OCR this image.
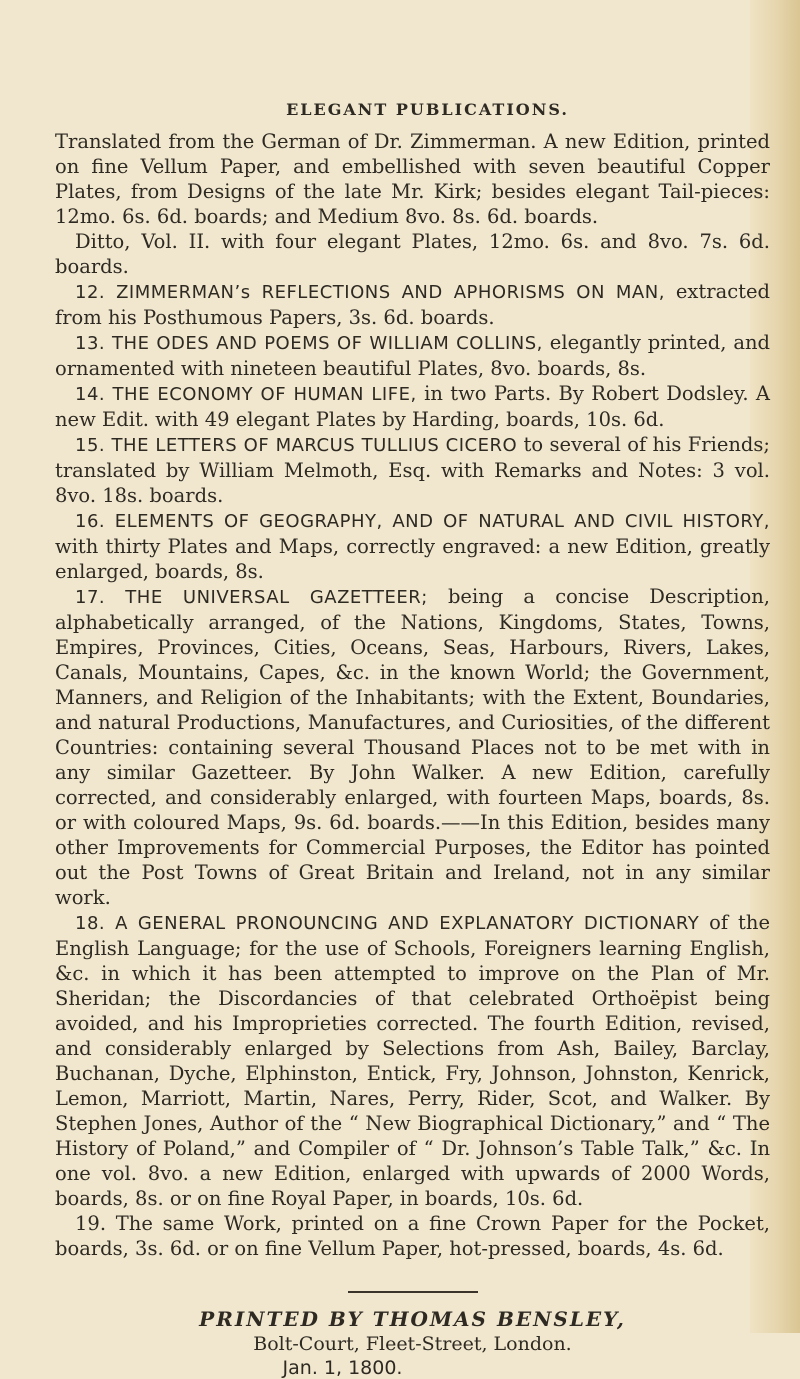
ELEGANT PUBLICATIONS.

Translated from the German of Dr. Zimmerman. A new Edition, printed on fine Vellum Paper, and embellished with seven beautiful Copper Plates, from Designs of the late Mr. Kirk; besides elegant Tail-pieces: 12mo. 6s. 6d. boards; and Medium 8vo. 8s. 6d. boards.

Ditto, Vol. II. with four elegant Plates, 12mo. 6s. and 8vo. 7s. 6d. boards.

12. ZIMMERMAN’s REFLECTIONS AND APHORISMS ON MAN, extracted from his Posthumous Papers, 3s. 6d. boards.

13. THE ODES AND POEMS OF WILLIAM COLLINS, elegantly printed, and ornamented with nineteen beautiful Plates, 8vo. boards, 8s.

14. THE ECONOMY OF HUMAN LIFE, in two Parts. By Robert Dodsley. A new Edit. with 49 elegant Plates by Harding, boards, 10s. 6d.

15. THE LETTERS OF MARCUS TULLIUS CICERO to several of his Friends; translated by William Melmoth, Esq. with Remarks and Notes: 3 vol. 8vo. 18s. boards.

16. ELEMENTS OF GEOGRAPHY, AND OF NATURAL AND CIVIL HISTORY, with thirty Plates and Maps, correctly engraved: a new Edition, greatly enlarged, boards, 8s.

17. THE UNIVERSAL GAZETTEER; being a concise Description, alphabetically arranged, of the Nations, Kingdoms, States, Towns, Empires, Provinces, Cities, Oceans, Seas, Harbours, Rivers, Lakes, Canals, Mountains, Capes, &c. in the known World; the Government, Manners, and Religion of the Inhabitants; with the Extent, Boundaries, and natural Productions, Manufactures, and Curiosities, of the different Countries: containing several Thousand Places not to be met with in any similar Gazetteer. By John Walker. A new Edition, carefully corrected, and considerably enlarged, with fourteen Maps, boards, 8s. or with coloured Maps, 9s. 6d. boards.——In this Edition, besides many other Improvements for Commercial Purposes, the Editor has pointed out the Post Towns of Great Britain and Ireland, not in any similar work.

18. A GENERAL PRONOUNCING AND EXPLANATORY DICTIONARY of the English Language; for the use of Schools, Foreigners learning English, &c. in which it has been attempted to improve on the Plan of Mr. Sheridan; the Discordancies of that celebrated Orthoëpist being avoided, and his Improprieties corrected. The fourth Edition, revised, and considerably enlarged by Selections from Ash, Bailey, Barclay, Buchanan, Dyche, Elphinston, Entick, Fry, Johnson, Johnston, Kenrick, Lemon, Marriott, Martin, Nares, Perry, Rider, Scot, and Walker. By Stephen Jones, Author of the “ New Biographical Dictionary,” and “ The History of Poland,” and Compiler of “ Dr. Johnson’s Table Talk,” &c. In one vol. 8vo. a new Edition, enlarged with upwards of 2000 Words, boards, 8s. or on fine Royal Paper, in boards, 10s. 6d.

19. The same Work, printed on a fine Crown Paper for the Pocket, boards, 3s. 6d. or on fine Vellum Paper, hot-pressed, boards, 4s. 6d.

PRINTED BY THOMAS BENSLEY,
Bolt-Court, Fleet-Street, London.
Jan. 1, 1800.
